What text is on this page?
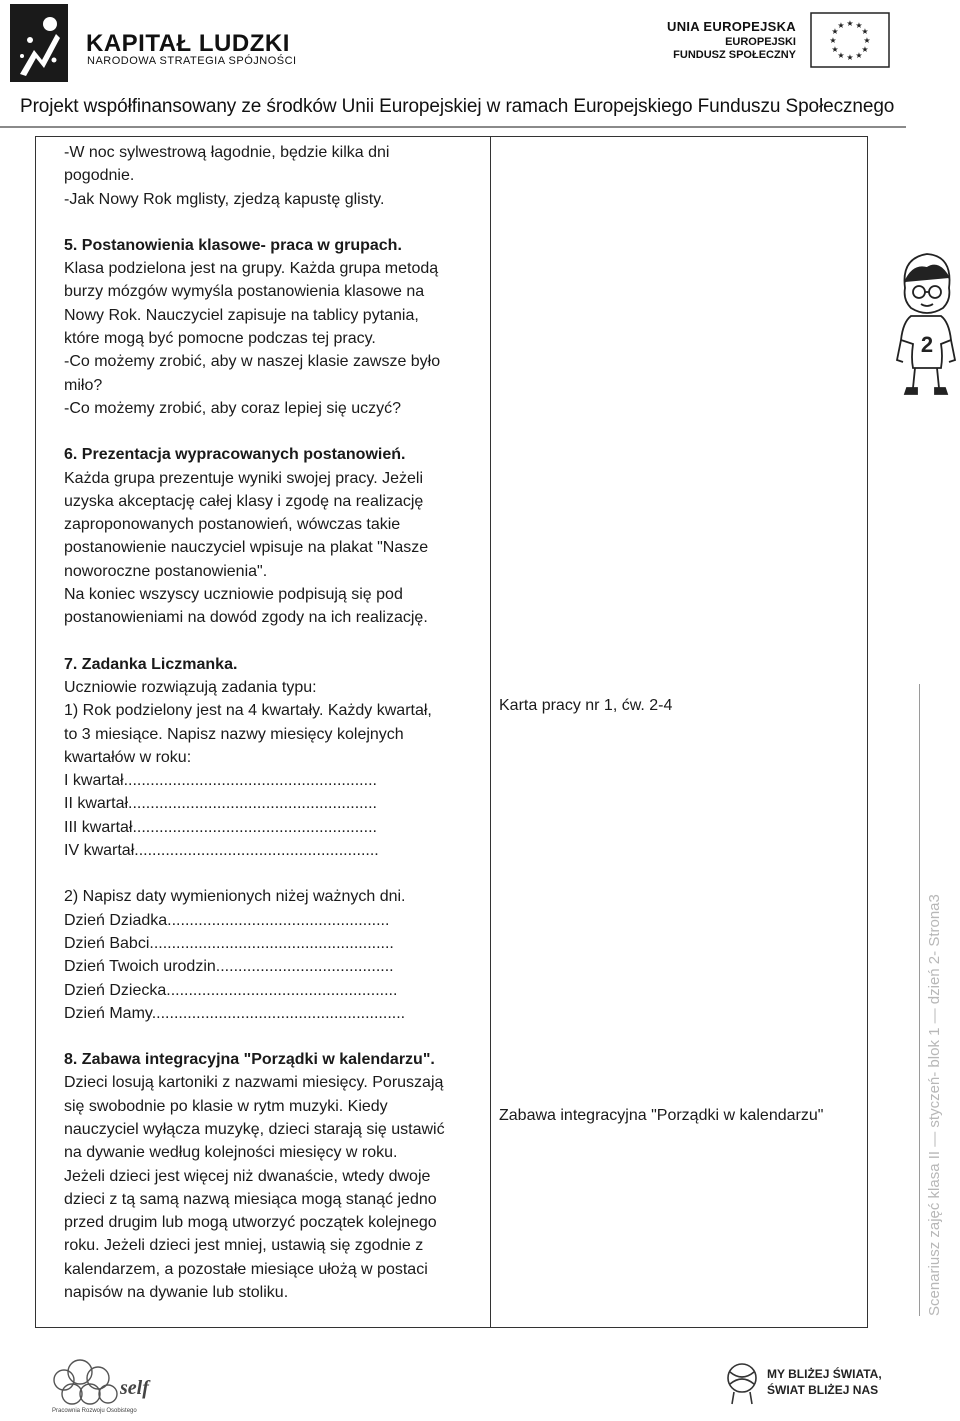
KAPITAŁ LUDZKI
NARODOWA STRATEGIA SPÓJNOŚCI
UNIA EUROPEJSKA
EUROPEJSKI
FUNDUSZ SPOŁECZNY
★ ★
★
★
★
★
★
★
★
★
★
★
Projekt współfinansowany ze środków Unii Europejskiej w ramach Europejskiego Funduszu Społecznego
-W noc sylwestrową łagodnie, będzie kilka dni
pogodnie.
-Jak Nowy Rok mglisty, zjedzą kapustę glisty.
5. Postanowienia klasowe- praca w grupach.
Klasa podzielona jest na grupy. Każda grupa metodą
burzy mózgów wymyśla postanowienia klasowe na
Nowy Rok. Nauczyciel zapisuje na tablicy pytania,
które mogą być pomocne podczas tej pracy.
-Co możemy zrobić, aby w naszej klasie zawsze było
miło?
-Co możemy zrobić, aby coraz lepiej się uczyć?
6. Prezentacja wypracowanych postanowień.
Każda grupa prezentuje wyniki swojej pracy. Jeżeli
uzyska akceptację całej klasy i zgodę na realizację
zaproponowanych postanowień, wówczas takie
postanowienie nauczyciel wpisuje na plakat "Nasze
noworoczne postanowienia".
Na koniec wszyscy uczniowie podpisują się pod
postanowieniami na dowód zgody na ich realizację.
7. Zadanka Liczmanka.
Uczniowie rozwiązują zadania typu:
1) Rok podzielony jest na 4 kwartały. Każdy kwartał,
to 3 miesiące. Napisz nazwy miesięcy kolejnych
kwartałów w roku:
I kwartał.........................................................
II kwartał........................................................
III kwartał.......................................................
IV kwartał.......................................................
2) Napisz daty wymienionych niżej ważnych dni.
Dzień Dziadka..................................................
Dzień Babci.......................................................
Dzień Twoich urodzin........................................
Dzień Dziecka....................................................
Dzień Mamy.........................................................
8. Zabawa integracyjna "Porządki w kalendarzu".
Dzieci losują kartoniki z nazwami miesięcy. Poruszają
się swobodnie po klasie w rytm muzyki. Kiedy
nauczyciel wyłącza muzykę, dzieci starają się ustawić
na dywanie według kolejności miesięcy w roku.
Jeżeli dzieci jest więcej niż dwanaście, wtedy dwoje
dzieci z tą samą nazwą miesiąca mogą stanąć jedno
przed drugim lub mogą utworzyć początek kolejnego
roku. Jeżeli dzieci jest mniej, ustawią się zgodnie z
kalendarzem, a pozostałe miesiące ułożą w postaci
napisów na dywanie lub stoliku.
Karta pracy nr 1, ćw. 2-4
Zabawa integracyjna "Porządki w kalendarzu"
2
Scenariusz zajęć klasa II — styczeń- blok 1 — dzień 2- Strona3
self
Pracownia Rozwoju Osobistego
MY BLIŻEJ ŚWIATA,
ŚWIAT BLIŻEJ NAS
